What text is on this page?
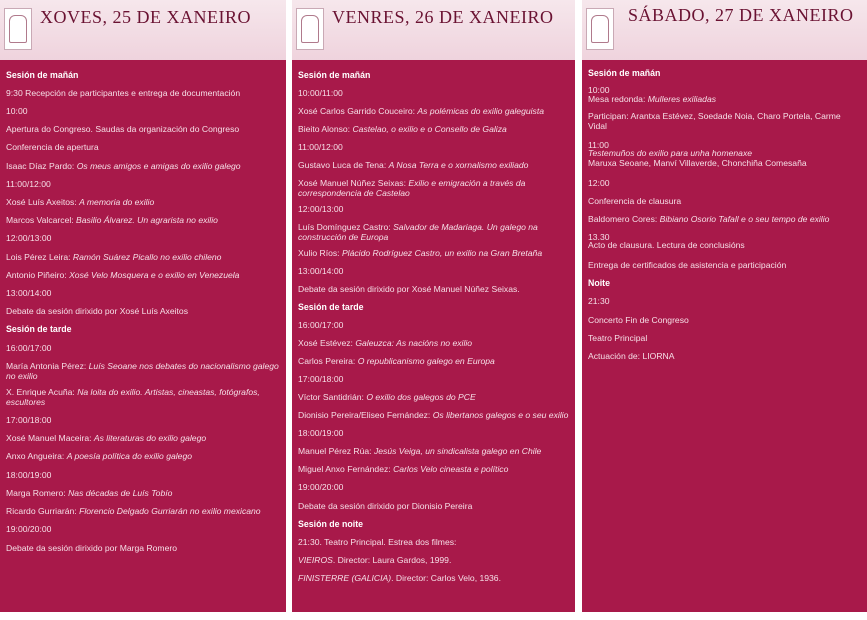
XOVES, 25 DE XANEIRO
Sesión de mañán
9:30 Recepción de participantes e entrega de documentación
10:00
Apertura do Congreso. Saudas da organización do Congreso
Conferencia de apertura
Isaac Díaz Pardo: Os meus amigos e amigas do exilio galego
11:00/12:00
Xosé Luís Axeitos: A memoria do exilio
Marcos Valcarcel: Basilio Álvarez. Un agrarista no exilio
12:00/13:00
Lois Pérez Leira: Ramón Suárez Picallo no exilio chileno
Antonio Piñeiro: Xosé Velo Mosquera e o exilio en Venezuela
13:00/14:00
Debate da sesión dirixido por Xosé Luís Axeitos
Sesión de tarde
16:00/17:00
María Antonia Pérez: Luís Seoane nos debates do nacionalismo galego no exilio
X. Enrique Acuña: Na loita do exilio. Artistas, cineastas, fotógrafos, escultores
17:00/18:00
Xosé Manuel Maceira: As literaturas do exilio galego
Anxo Angueira: A poesía política do exilio galego
18:00/19:00
Marga Romero: Nas décadas de Luís Tobío
Ricardo Gurriarán: Florencio Delgado Gurriarán no exilio mexicano
19:00/20:00
Debate da sesión dirixido por Marga Romero
VENRES, 26 DE XANEIRO
Sesión de mañán
10:00/11:00
Xosé Carlos Garrido Couceiro: As polémicas do exilio galeguista
Bieito Alonso: Castelao, o exilio e o Consello de Galiza
11:00/12:00
Gustavo Luca de Tena: A Nosa Terra e o xornalismo exiliado
Xosé Manuel Núñez Seixas: Exilio e emigración a través da correspondencia de Castelao
12:00/13:00
Luís Domínguez Castro: Salvador de Madariaga. Un galego na construcción de Europa
Xulio Ríos: Plácido Rodríguez Castro, un exilio na Gran Bretaña
13:00/14:00
Debate da sesión dirixido por Xosé Manuel Núñez Seixas.
Sesión de tarde
16:00/17:00
Xosé Estévez: Galeuzca: As nacións no exilio
Carlos Pereira: O republicanismo galego en Europa
17:00/18:00
Víctor Santidrián: O exilio dos galegos do PCE
Dionisio Pereira/Eliseo Fernández: Os libertanos galegos e o seu exilio
18:00/19:00
Manuel Pérez Rúa: Jesús Veiga, un sindicalista galego en Chile
Miguel Anxo Fernández: Carlos Velo cineasta e político
19:00/20:00
Debate da sesión dirixido por Dionisio Pereira
Sesión de noite
21:30. Teatro Principal. Estrea dos filmes:
VIEIROS. Director: Laura Gardos, 1999.
FINISTERRE (GALICIA). Director: Carlos Velo, 1936.
SÁBADO, 27 DE XANEIRO
Sesión de mañán
10:00
Mesa redonda: Mulleres exiliadas
Participan: Arantxa Estévez, Soedade Noia, Charo Portela, Carme Vidal
11:00
Testemuños do exilio para unha homenaxe
Maruxa Seoane, Manví Villaverde, Chonchiña Comesaña
12:00
Conferencia de clausura
Baldomero Cores: Bibiano Osorio Tafall e o seu tempo de exilio
13.30
Acto de clausura. Lectura de conclusións
Entrega de certificados de asistencia e participación
Noite
21:30
Concerto Fin de Congreso
Teatro Principal
Actuación de: LIORNA
